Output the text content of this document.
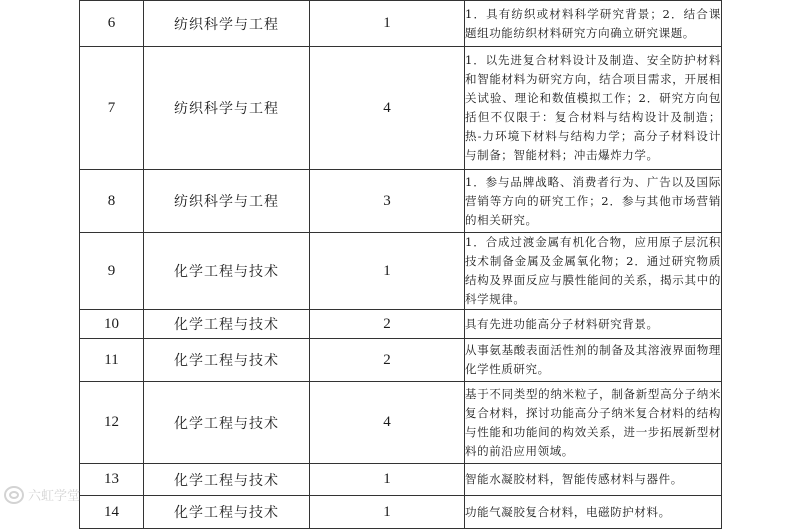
6	纺织科学与工程	1	1．具有纺织或材料科学研究背景；2．结合课题组功能纺织材料研究方向确立研究课题。
7	纺织科学与工程	4	1．以先进复合材料设计及制造、安全防护材料和智能材料为研究方向，结合项目需求，开展相关试验、理论和数值模拟工作；2．研究方向包括但不仅限于：复合材料与结构设计及制造；热-力环境下材料与结构力学；高分子材料设计与制备；智能材料；冲击爆炸力学。
8	纺织科学与工程	3	1．参与品牌战略、消费者行为、广告以及国际营销等方向的研究工作；2．参与其他市场营销的相关研究。
9	化学工程与技术	1	1．合成过渡金属有机化合物，应用原子层沉积技术制备金属及金属氧化物；2．通过研究物质结构及界面反应与膜性能间的关系，揭示其中的科学规律。
10	化学工程与技术	2	具有先进功能高分子材料研究背景。
11	化学工程与技术	2	从事氨基酸表面活性剂的制备及其溶液界面物理化学性质研究。
12	化学工程与技术	4	基于不同类型的纳米粒子，制备新型高分子纳米复合材料，探讨功能高分子纳米复合材料的结构与性能和功能间的构效关系，进一步拓展新型材料的前沿应用领域。
13	化学工程与技术	1	智能水凝胶材料，智能传感材料与器件。
14	化学工程与技术	1	功能气凝胶复合材料，电磁防护材料。
六虹学堂
